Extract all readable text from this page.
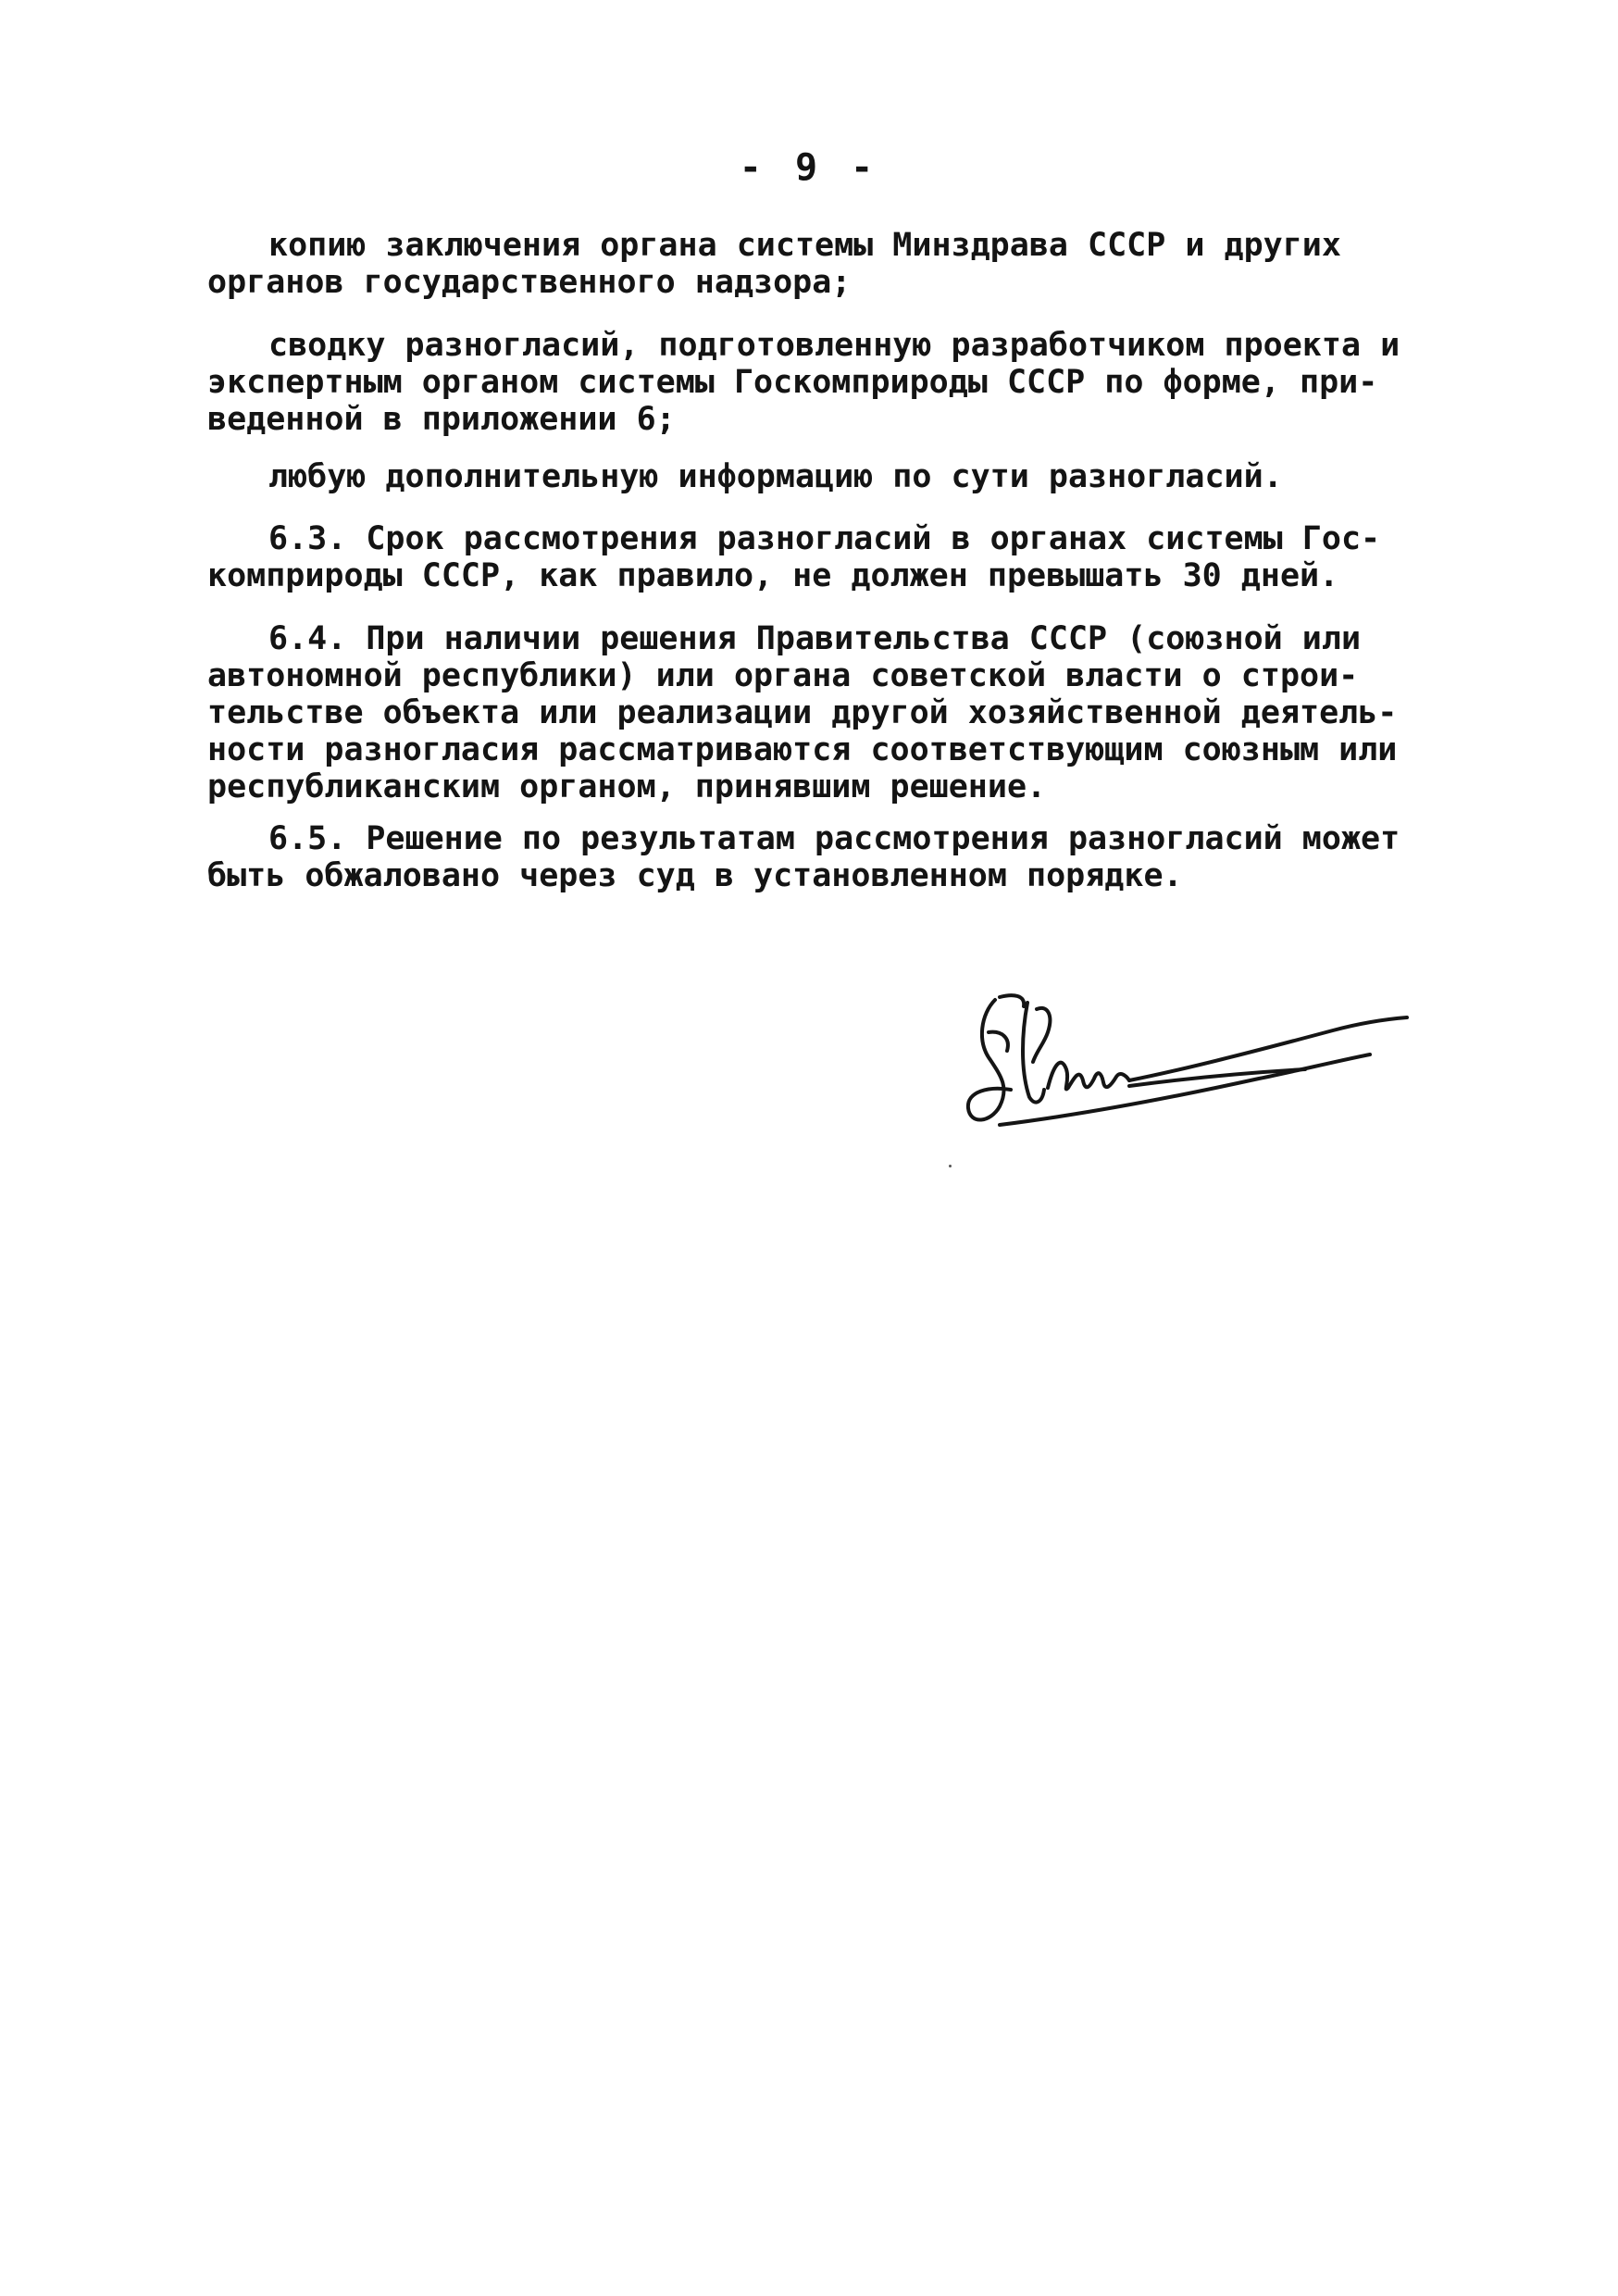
- 9 -
копию заключения органа системы Минздрава СССР и других
органов государственного надзора;
сводку разногласий, подготовленную разработчиком проекта и
экспертным органом системы Госкомприроды СССР по форме, при-
веденной в приложении 6;
любую дополнительную информацию по сути разногласий.
6.3. Срок рассмотрения разногласий в органах системы Гос-
комприроды СССР, как правило, не должен превышать 30 дней.
6.4. При наличии решения Правительства СССР (союзной или
автономной республики) или органа советской власти о строи-
тельстве объекта или реализации другой хозяйственной деятель-
ности разногласия рассматриваются соответствующим союзным или
республиканским органом, принявшим решение.
6.5. Решение по результатам рассмотрения разногласий может
быть обжаловано через суд в установленном порядке.
